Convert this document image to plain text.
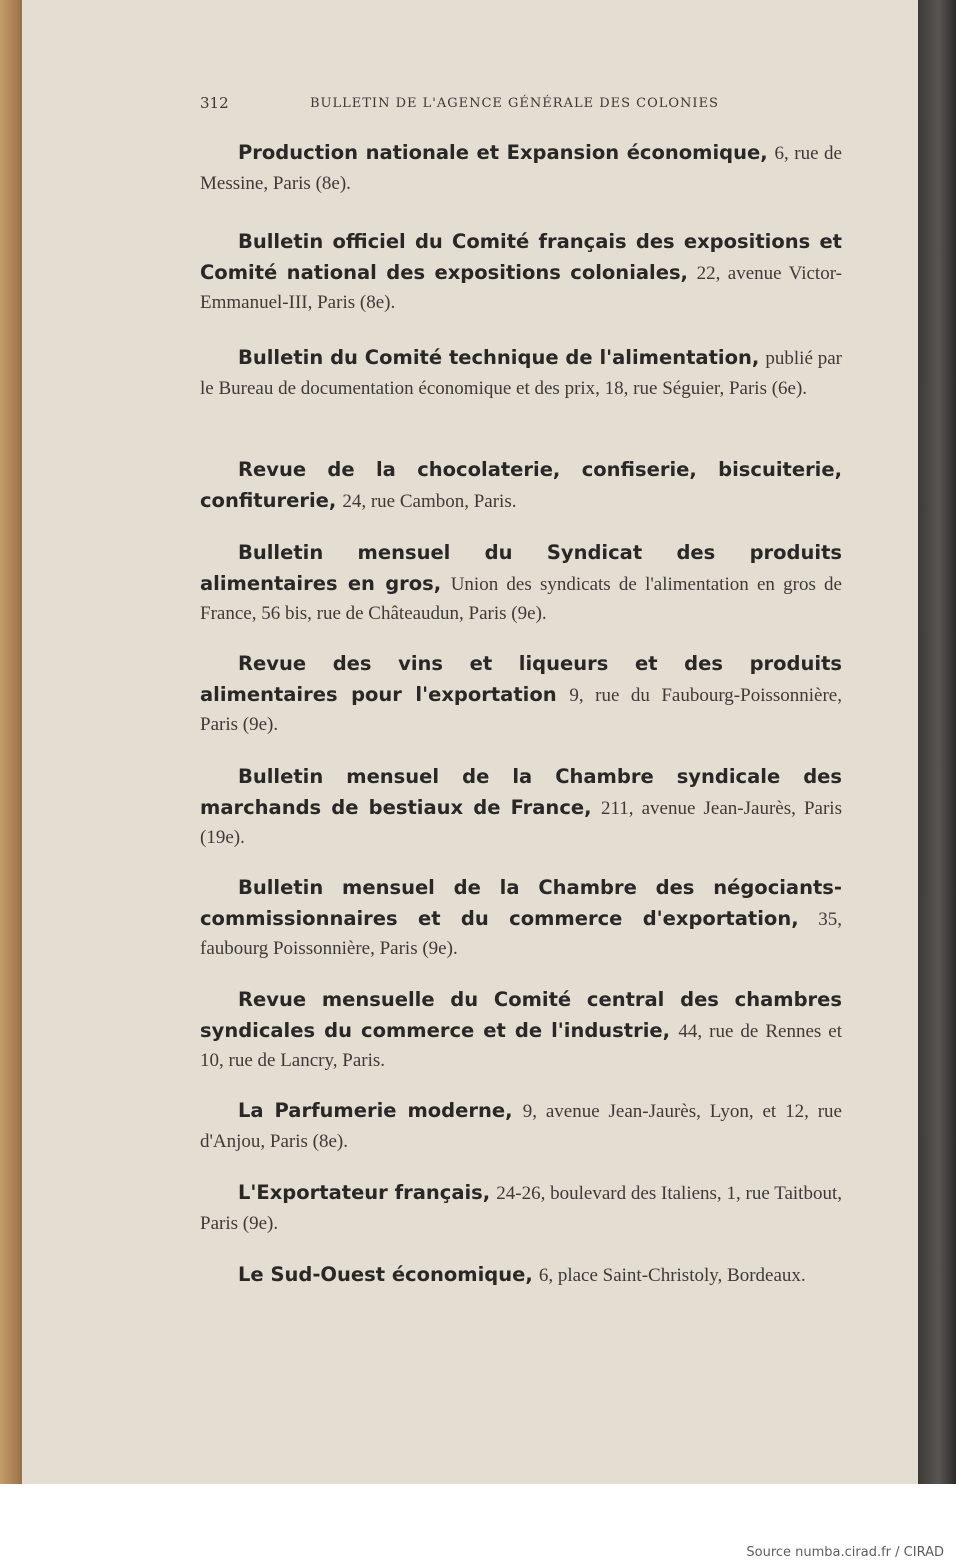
312	BULLETIN DE L'AGENCE GÉNÉRALE DES COLONIES
Production nationale et Expansion économique, 6, rue de Messine, Paris (8e).
Bulletin officiel du Comité français des expositions et Comité national des expositions coloniales, 22, avenue Victor-Emmanuel-III, Paris (8e).
Bulletin du Comité technique de l'alimentation, publié par le Bureau de documentation économique et des prix, 18, rue Séguier, Paris (6e).
Revue de la chocolaterie, confiserie, biscuiterie, confiturerie, 24, rue Cambon, Paris.
Bulletin mensuel du Syndicat des produits alimentaires en gros, Union des syndicats de l'alimentation en gros de France, 56 bis, rue de Châteaudun, Paris (9e).
Revue des vins et liqueurs et des produits alimentaires pour l'exportation 9, rue du Faubourg-Poissonnière, Paris (9e).
Bulletin mensuel de la Chambre syndicale des marchands de bestiaux de France, 211, avenue Jean-Jaurès, Paris (19e).
Bulletin mensuel de la Chambre des négociants-commissionnaires et du commerce d'exportation, 35, faubourg Poissonnière, Paris (9e).
Revue mensuelle du Comité central des chambres syndicales du commerce et de l'industrie, 44, rue de Rennes et 10, rue de Lancry, Paris.
La Parfumerie moderne, 9, avenue Jean-Jaurès, Lyon, et 12, rue d'Anjou, Paris (8e).
L'Exportateur français, 24-26, boulevard des Italiens, 1, rue Taitbout, Paris (9e).
Le Sud-Ouest économique, 6, place Saint-Christoly, Bordeaux.
Source numba.cirad.fr / CIRAD
